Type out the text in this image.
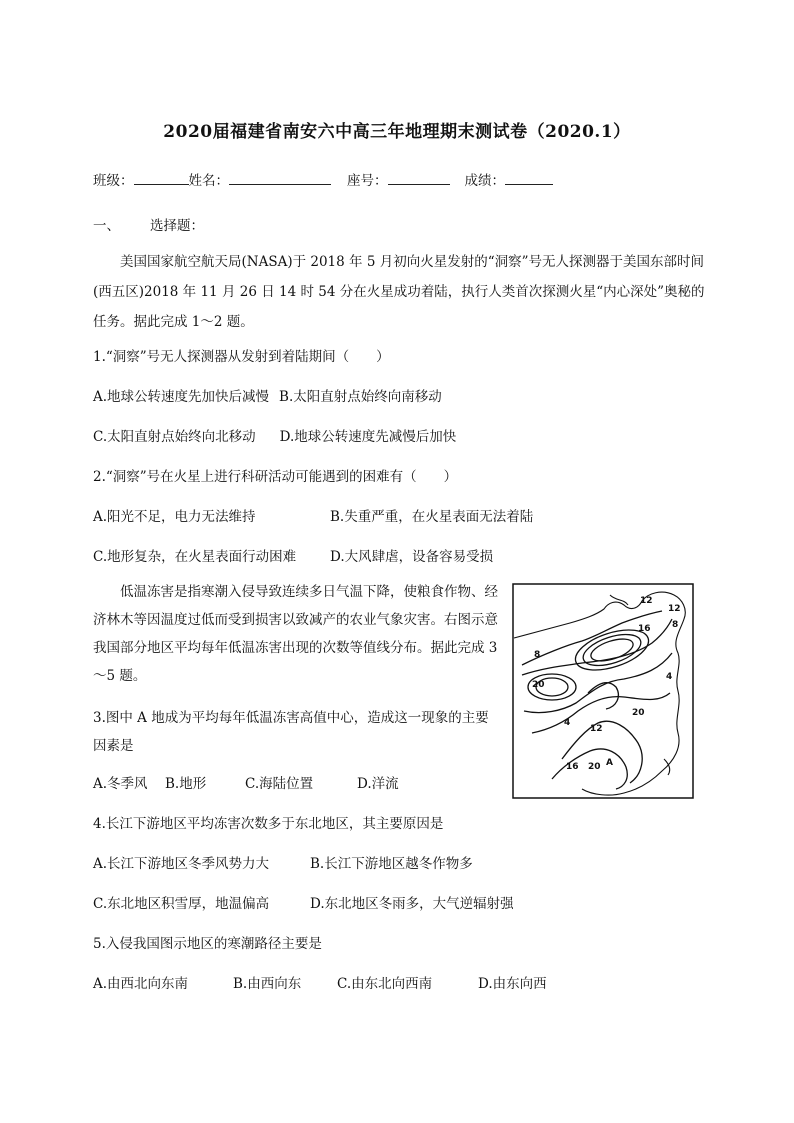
2020届福建省南安六中高三年地理期末测试卷（2020.1）
班级：	姓名：	座号：	成绩：
一、 选择题：
美国国家航空航天局(NASA)于 2018 年 5 月初向火星发射的“洞察”号无人探测器于美国东部时间(西五区)2018 年 11 月 26 日 14 时 54 分在火星成功着陆，执行人类首次探测火星“内心深处”奥秘的任务。据此完成 1～2 题。
1.“洞察”号无人探测器从发射到着陆期间（　　）
A.地球公转速度先加快后减慢 B.太阳直射点始终向南移动
C.太阳直射点始终向北移动 D.地球公转速度先减慢后加快
2.“洞察”号在火星上进行科研活动可能遇到的困难有（　　）
A.阳光不足，电力无法维持	B.失重严重，在火星表面无法着陆
C.地形复杂，在火星表面行动困难	D.大风肆虐，设备容易受损
低温冻害是指寒潮入侵导致连续多日气温下降，使粮食作物、经济林木等因温度过低而受到损害以致减产的农业气象灾害。右图示意我国部分地区平均每年低温冻害出现的次数等值线分布。据此完成 3～5 题。
3.图中 A 地成为平均每年低温冻害高值中心，造成这一现象的主要因素是
A.冬季风 B.地形	C.海陆位置	D.洋流
4.长江下游地区平均冻害次数多于东北地区，其主要原因是
A.长江下游地区冬季风势力大	B.长江下游地区越冬作物多
C.东北地区积雪厚，地温偏高	D.东北地区冬雨多，大气逆辐射强
5.入侵我国图示地区的寒潮路径主要是
A.由西北向东南	B.由西向东	C.由东北向西南	D.由东向西
12
12
8
16
8
20
4
20
12
4
16 20 A
